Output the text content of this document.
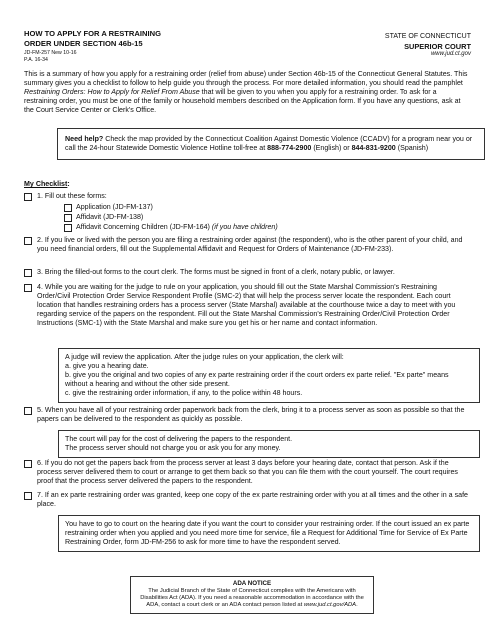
HOW TO APPLY FOR A RESTRAINING
ORDER UNDER SECTION 46b-15
JD-FM-257 New 10-16
P.A. 16-34
STATE OF CONNECTICUT
SUPERIOR COURT
www.jud.ct.gov
This is a summary of how you apply for a restraining order (relief from abuse) under Section 46b-15 of the Connecticut General Statutes. This summary gives you a checklist to follow to help guide you through the process. For more detailed information, you should read the pamphlet Restraining Orders: How to Apply for Relief From Abuse that will be given to you when you apply for a restraining order. To ask for a restraining order, you must be one of the family or household members described on the Application form. If you have any questions, ask at the Court Service Center or Clerk's Office.
Need help? Check the map provided by the Connecticut Coalition Against Domestic Violence (CCADV) for a program near you or call the 24-hour Statewide Domestic Violence Hotline toll-free at 888-774-2900 (English) or 844-831-9200 (Spanish)
My Checklist:
1. Fill out these forms:
Application (JD-FM-137)
Affidavit (JD-FM-138)
Affidavit Concerning Children (JD-FM-164) (if you have children)
2. If you live or lived with the person you are filing a restraining order against (the respondent), who is the other parent of your child, and you need financial orders, fill out the Supplemental Affidavit and Request for Orders of Maintenance (JD-FM-233).
3. Bring the filled-out forms to the court clerk. The forms must be signed in front of a clerk, notary public, or lawyer.
4. While you are waiting for the judge to rule on your application, you should fill out the State Marshal Commission's Restraining Order/Civil Protection Order Service Respondent Profile (SMC-2) that will help the process server locate the respondent. Each court location that handles restraining orders has a process server (State Marshal) available at the courthouse twice a day to meet with you regarding service of the papers on the respondent. Fill out the State Marshal Commission's Restraining Order/Civil Protection Order Instructions (SMC-1) with the State Marshal and make sure you get his or her name and contact information.
A judge will review the application. After the judge rules on your application, the clerk will:
a. give you a hearing date.
b. give you the original and two copies of any ex parte restraining order if the court orders ex parte relief. "Ex parte" means without a hearing and without the other side present.
c. give the restraining order information, if any, to the police within 48 hours.
5. When you have all of your restraining order paperwork back from the clerk, bring it to a process server as soon as possible so that the papers can be delivered to the respondent as quickly as possible.
The court will pay for the cost of delivering the papers to the respondent.
The process server should not charge you or ask you for any money.
6. If you do not get the papers back from the process server at least 3 days before your hearing date, contact that person. Ask if the process server delivered them to court or arrange to get them back so that you can file them with the court yourself. The court requires proof that the process server delivered the papers to the respondent.
7. If an ex parte restraining order was granted, keep one copy of the ex parte restraining order with you at all times and the other in a safe place.
You have to go to court on the hearing date if you want the court to consider your restraining order. If the court issued an ex parte restraining order when you applied and you need more time for service, file a Request for Additional Time for Service of Ex Parte Restraining Order, form JD-FM-256 to ask for more time to have the respondent served.
ADA NOTICE
The Judicial Branch of the State of Connecticut complies with the Americans with Disabilities Act (ADA). If you need a reasonable accommodation in accordance with the ADA, contact a court clerk or an ADA contact person listed at www.jud.ct.gov/ADA.
